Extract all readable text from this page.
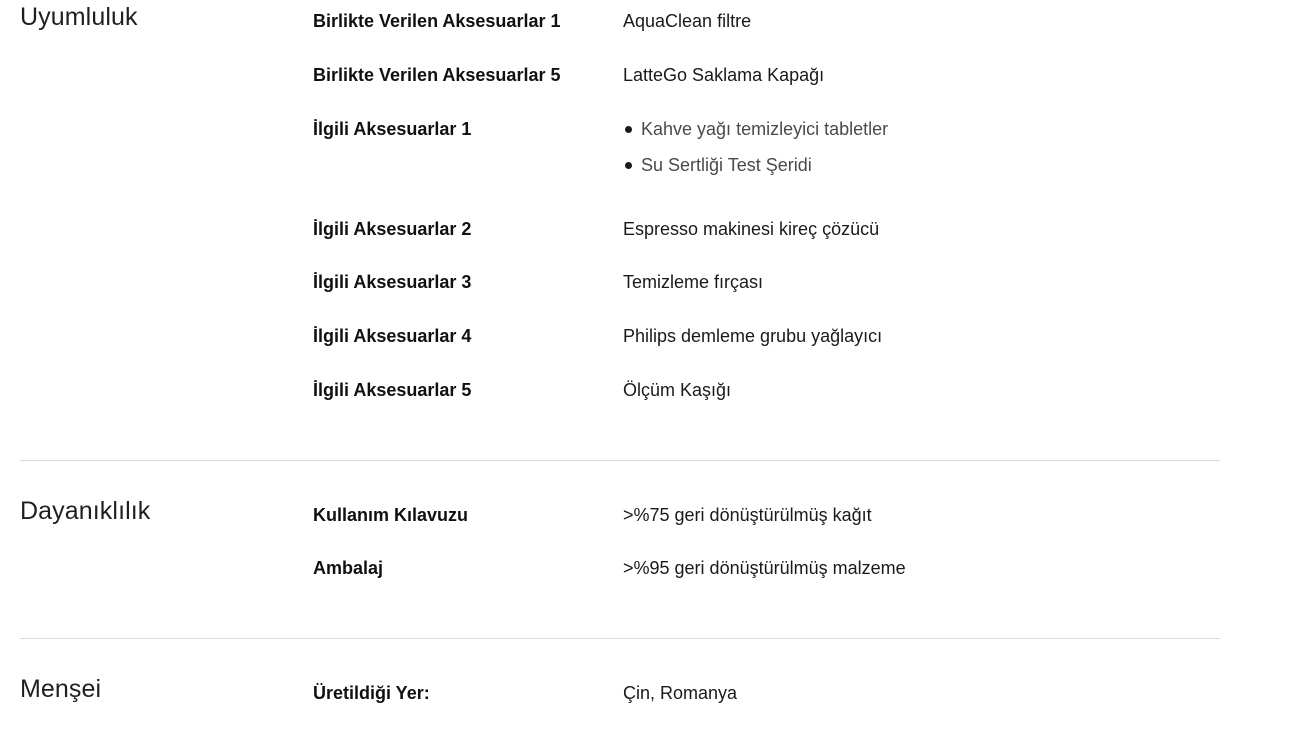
Uyumluluk	Birlikte Verilen Aksesuarlar 1	AquaClean filtre
Birlikte Verilen Aksesuarlar 5	LatteGo Saklama Kapağı
İlgili Aksesuarlar 1	Kahve yağı temizleyici tabletler
Su Sertliği Test Şeridi
İlgili Aksesuarlar 2	Espresso makinesi kireç çözücü
İlgili Aksesuarlar 3	Temizleme fırçası
İlgili Aksesuarlar 4	Philips demleme grubu yağlayıcı
İlgili Aksesuarlar 5	Ölçüm Kaşığı
Dayanıklılık	Kullanım Kılavuzu	>%75 geri dönüştürülmüş kağıt
Ambalaj	>%95 geri dönüştürülmüş malzeme
Menşei	Üretildiği Yer:	Çin, Romanya
